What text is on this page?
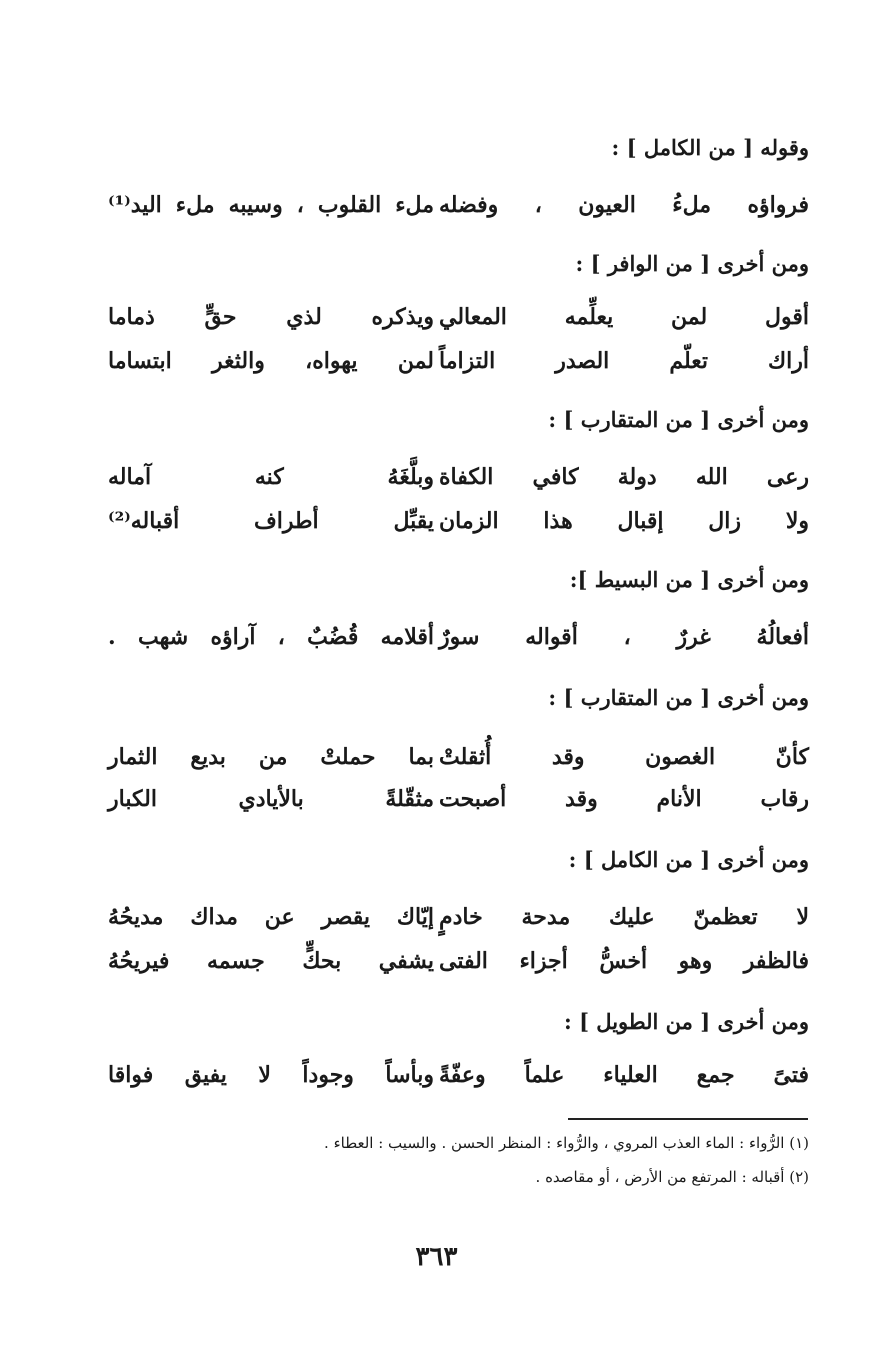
وقوله [ من الكامل ] :
فرواؤه ملءُ العيون ، وفضله
ملء القلوب ، وسيبه ملء اليد⁽¹⁾
ومن أخرى [ من الوافر ] :
أقول لمن يعلِّمه المعالي
ويذكره لذي حقٍّ ذماما
أراك تعلّم الصدر التزاماً
لمن يهواه، والثغر ابتساما
ومن أخرى [ من المتقارب ] :
رعى الله دولة كافي الكفاة
وبلَّغَهُ كنه آماله
ولا زال إقبال هذا الزمان
يقبِّل أطراف أقباله⁽²⁾
ومن أخرى [ من البسيط ]:
أفعالُهُ غررٌ ، أقواله سورٌ
أقلامه قُضُبٌ ، آراؤه شهب .
ومن أخرى [ من المتقارب ] :
كأنّ الغصون وقد أُثقلتْ
بما حملتْ من بديع الثمار
رقاب الأنام وقد أصبحت
مثقّلةً بالأيادي الكبار
ومن أخرى [ من الكامل ] :
لا تعظمنّ عليك مدحة خادمٍ
إيّاك يقصر عن مداك مديحُهُ
فالظفر وهو أخسُّ أجزاء الفتى
يشفي بحكٍّ جسمه فيريحُهُ
ومن أخرى [ من الطويل ] :
فتىً جمع العلياء علماً وعفّةً
وبأساً وجوداً لا يفيق فواقا
(١) الرُّواء : الماء العذب المروي ، والرُّواء : المنظر الحسن . والسيب : العطاء .
(٢) أقباله : المرتفع من الأرض ، أو مقاصده .
٣٦٣
